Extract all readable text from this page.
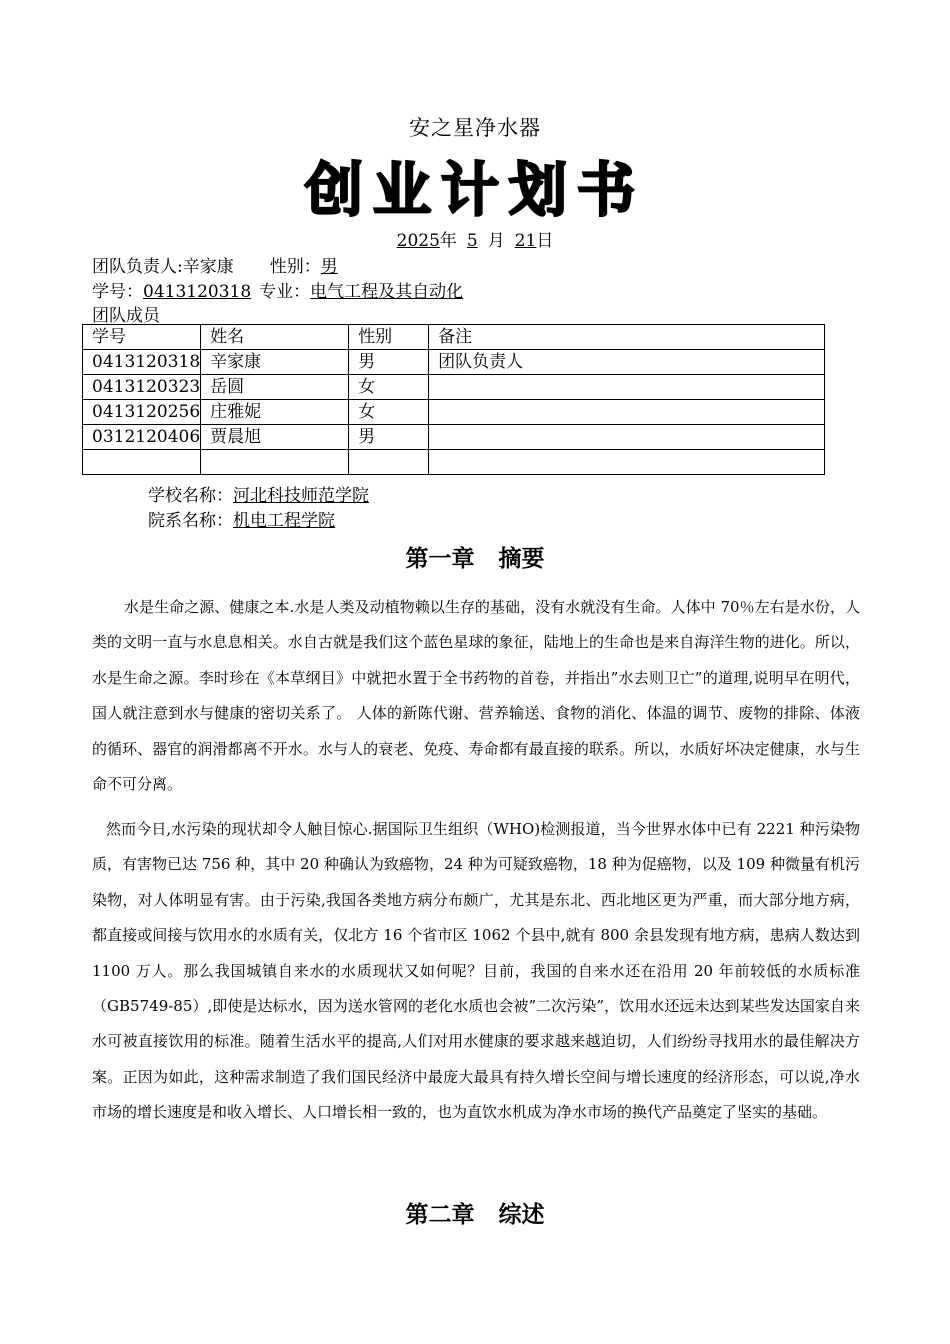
安之星净水器
创业计划书
2025年 5 月 21日
团队负责人:辛家康 性别：男
学号：0413120318 专业：电气工程及其自动化
团队成员
学号	姓名	性别	备注
0413120318	辛家康	男	团队负责人
0413120323	岳圆	女	
0413120256	庄雅妮	女	
0312120406	贾晨旭	男	

学校名称：河北科技师范学院
院系名称：机电工程学院
第一章 摘要

水是生命之源、健康之本.水是人类及动植物赖以生存的基础，没有水就没有生命。人体中 70％左右是水份，人类的文明一直与水息息相关。水自古就是我们这个蓝色星球的象征，陆地上的生命也是来自海洋生物的进化。所以，水是生命之源。李时珍在《本草纲目》中就把水置于全书药物的首卷，并指出”水去则卫亡”的道理,说明早在明代，国人就注意到水与健康的密切关系了。 人体的新陈代谢、营养输送、食物的消化、体温的调节、废物的排除、体液的循环、器官的润滑都离不开水。水与人的衰老、免疫、寿命都有最直接的联系。所以，水质好坏决定健康，水与生命不可分离。

然而今日,水污染的现状却令人触目惊心.据国际卫生组织（WHO)检测报道，当今世界水体中已有 2221 种污染物质，有害物已达 756 种，其中 20 种确认为致癌物，24 种为可疑致癌物，18 种为促癌物，以及 109 种微量有机污染物，对人体明显有害。由于污染,我国各类地方病分布颇广，尤其是东北、西北地区更为严重，而大部分地方病，都直接或间接与饮用水的水质有关，仅北方 16 个省市区 1062 个县中,就有 800 余县发现有地方病，患病人数达到 1100 万人。那么我国城镇自来水的水质现状又如何呢？目前，我国的自来水还在沿用 20 年前较低的水质标准（GB5749-85）,即使是达标水，因为送水管网的老化水质也会被”二次污染”，饮用水还远未达到某些发达国家自来水可被直接饮用的标准。随着生活水平的提高,人们对用水健康的要求越来越迫切，人们纷纷寻找用水的最佳解决方案。正因为如此，这种需求制造了我们国民经济中最庞大最具有持久增长空间与增长速度的经济形态，可以说,净水市场的增长速度是和收入增长、人口增长相一致的，也为直饮水机成为净水市场的换代产品奠定了坚实的基础。

第二章 综述
